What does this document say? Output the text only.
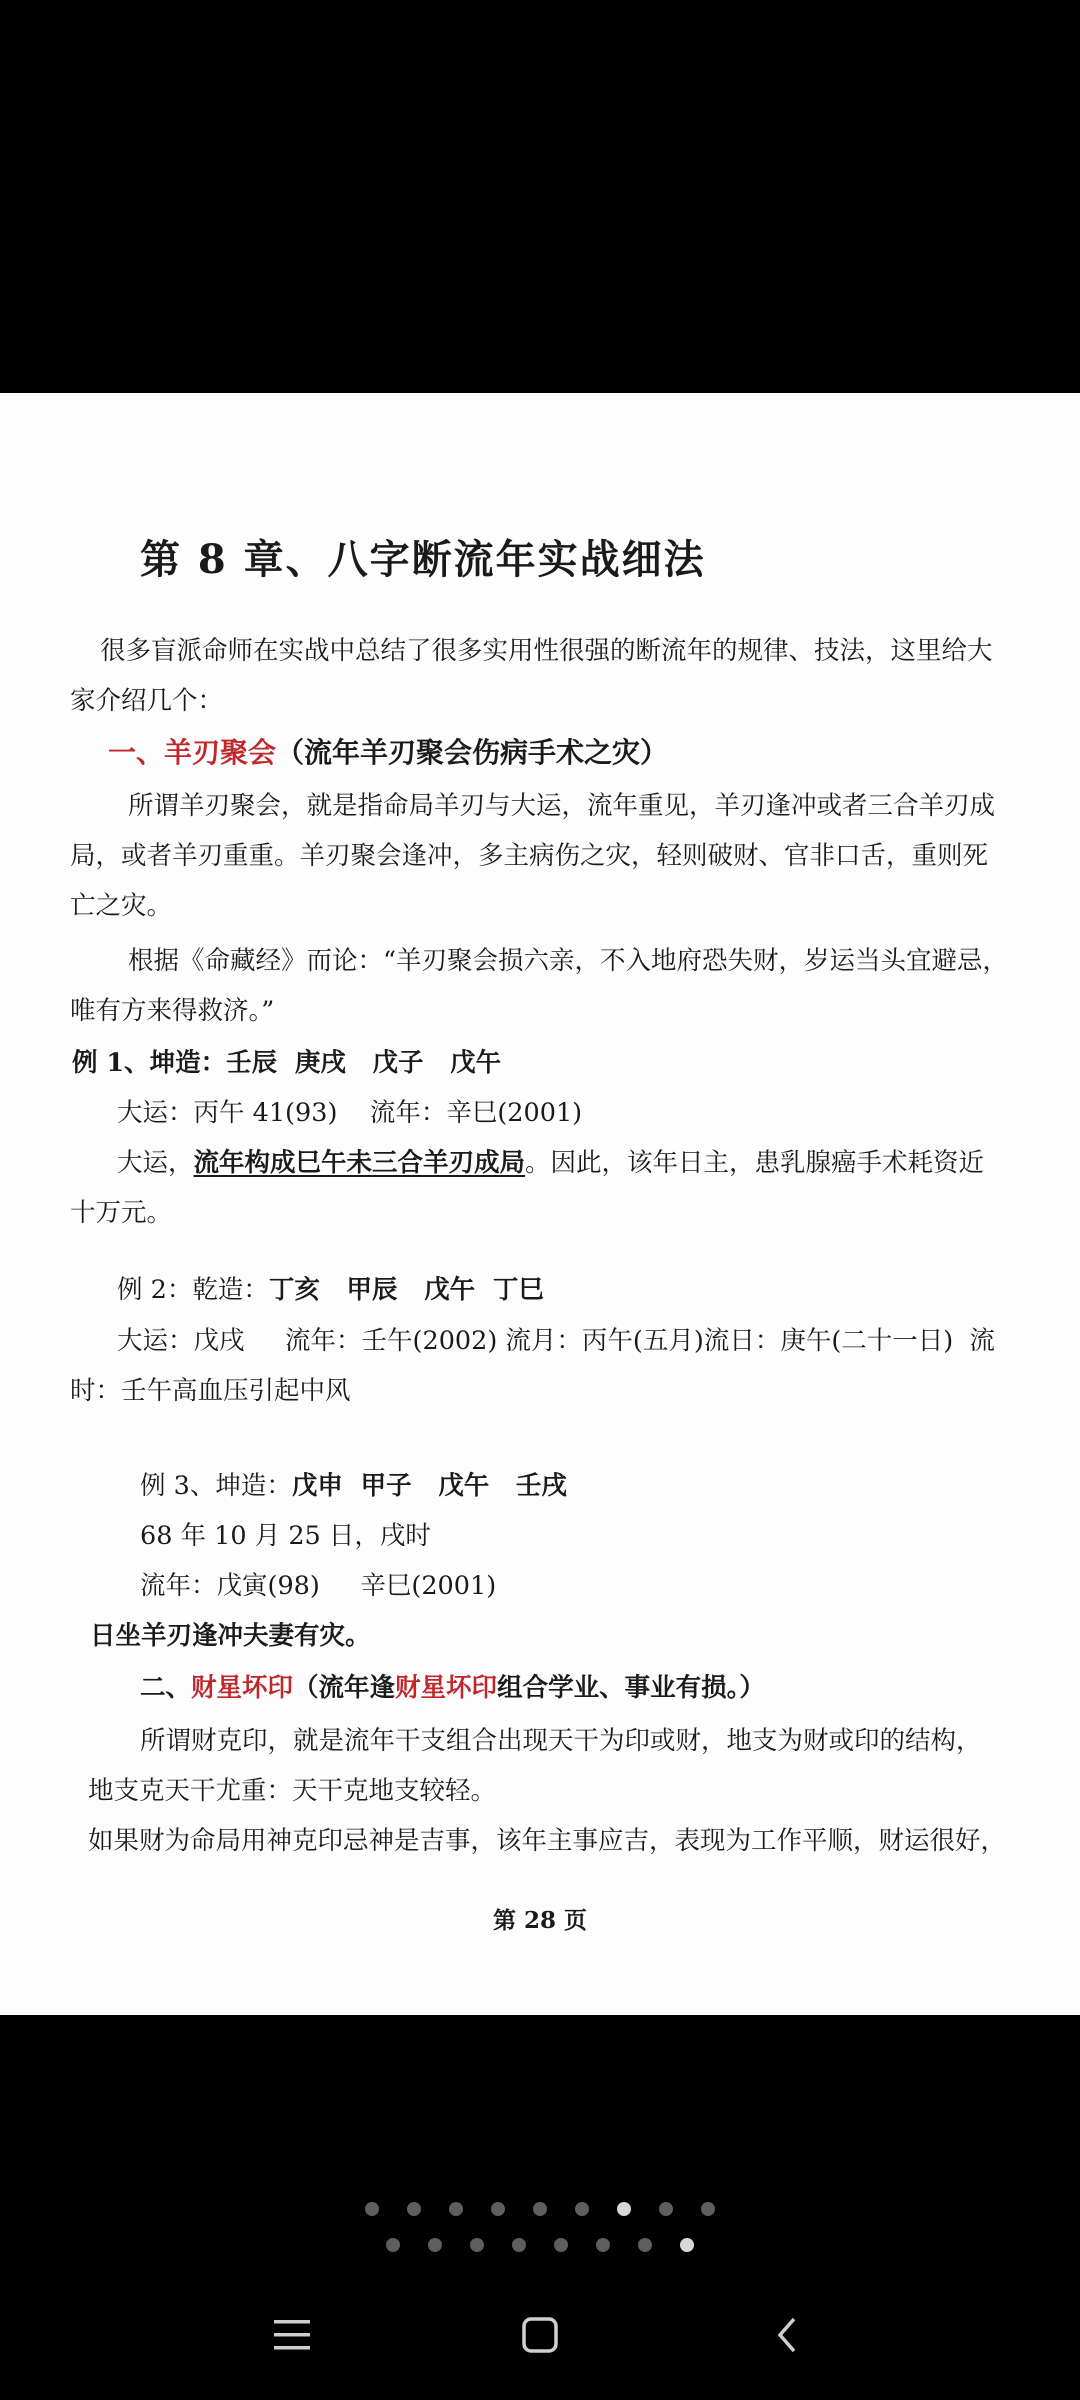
第 8 章、八字断流年实战细法
很多盲派命师在实战中总结了很多实用性很强的断流年的规律、技法，这里给大
家介绍几个：
一、羊刃聚会（流年羊刃聚会伤病手术之灾）
所谓羊刃聚会，就是指命局羊刃与大运，流年重见，羊刃逢冲或者三合羊刃成
局，或者羊刃重重。羊刃聚会逢冲，多主病伤之灾，轻则破财、官非口舌，重则死
亡之灾。
根据《命藏经》而论：“羊刃聚会损六亲，不入地府恐失财，岁运当头宜避忌，
唯有方来得救济。”
例 1、坤造：壬辰  庚戌   戊子   戊午
大运：丙午 41(93)    流年：辛巳(2001)
大运，流年构成巳午未三合羊刃成局。因此，该年日主，患乳腺癌手术耗资近
十万元。
例 2：乾造：丁亥   甲辰   戊午  丁巳
大运：戊戌     流年：壬午(2002) 流月：丙午(五月)流日：庚午(二十一日)  流
时：壬午高血压引起中风
例 3、坤造：戊申  甲子   戊午   壬戌
68 年 10 月 25 日，戌时
流年：戊寅(98)     辛巳(2001)
日坐羊刃逢冲夫妻有灾。
二、财星坏印（流年逢财星坏印组合学业、事业有损。）
所谓财克印，就是流年干支组合出现天干为印或财，地支为财或印的结构，
地支克天干尤重：天干克地支较轻。
如果财为命局用神克印忌神是吉事，该年主事应吉，表现为工作平顺，财运很好，
第 28 页
